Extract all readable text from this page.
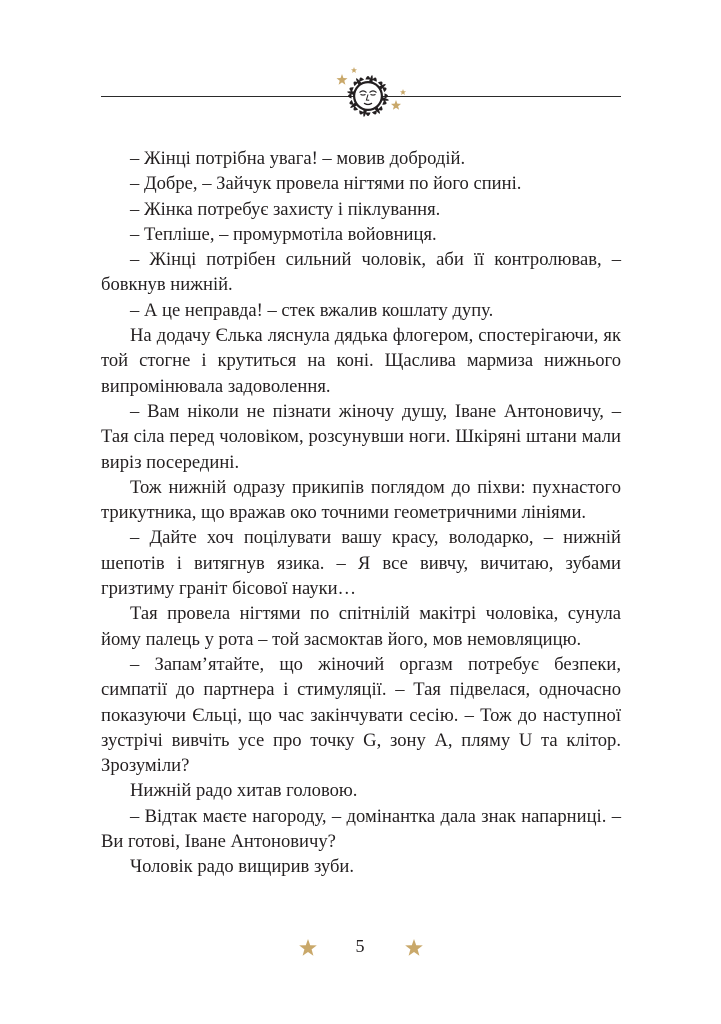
– Жінці потрібна увага! – мовив добродій.

– Добре, – Зайчук провела нігтями по його спині.

– Жінка потребує захисту і піклування.

– Тепліше, – промурмотіла войовниця.

– Жінці потрібен сильний чоловік, аби її контролював, – бовкнув нижній.

– А це неправда! – стек вжалив кошлату дупу.

На додачу Єлька ляснула дядька флогером, спостерігаючи, як той стогне і крутиться на коні. Щаслива мармиза нижнього випромінювала задоволення.

– Вам ніколи не пізнати жіночу душу, Іване Антоновичу, – Тая сіла перед чоловіком, розсунувши ноги. Шкіряні штани мали виріз посередині.

Тож нижній одразу прикипів поглядом до піхви: пухнастого трикутника, що вражав око точними геометричними лініями.

– Дайте хоч поцілувати вашу красу, володарко, – нижній шепотів і витягнув язика. – Я все вивчу, вичитаю, зубами гризтиму граніт бісової науки…

Тая провела нігтями по спітнілій макітрі чоловіка, сунула йому палець у рота – той засмоктав його, мов немовляцицю.

– Запам’ятайте, що жіночий оргазм потребує безпеки, симпатії до партнера і стимуляції. – Тая підвелася, одночасно показуючи Єльці, що час закінчувати сесію. – Тож до наступної зустрічі вивчіть усе про точку G, зону A, пляму U та клітор. Зрозуміли?

Нижній радо хитав головою.

– Відтак маєте нагороду, – домінантка дала знак напарниці. – Ви готові, Іване Антоновичу?

Чоловік радо вищирив зуби.

5
